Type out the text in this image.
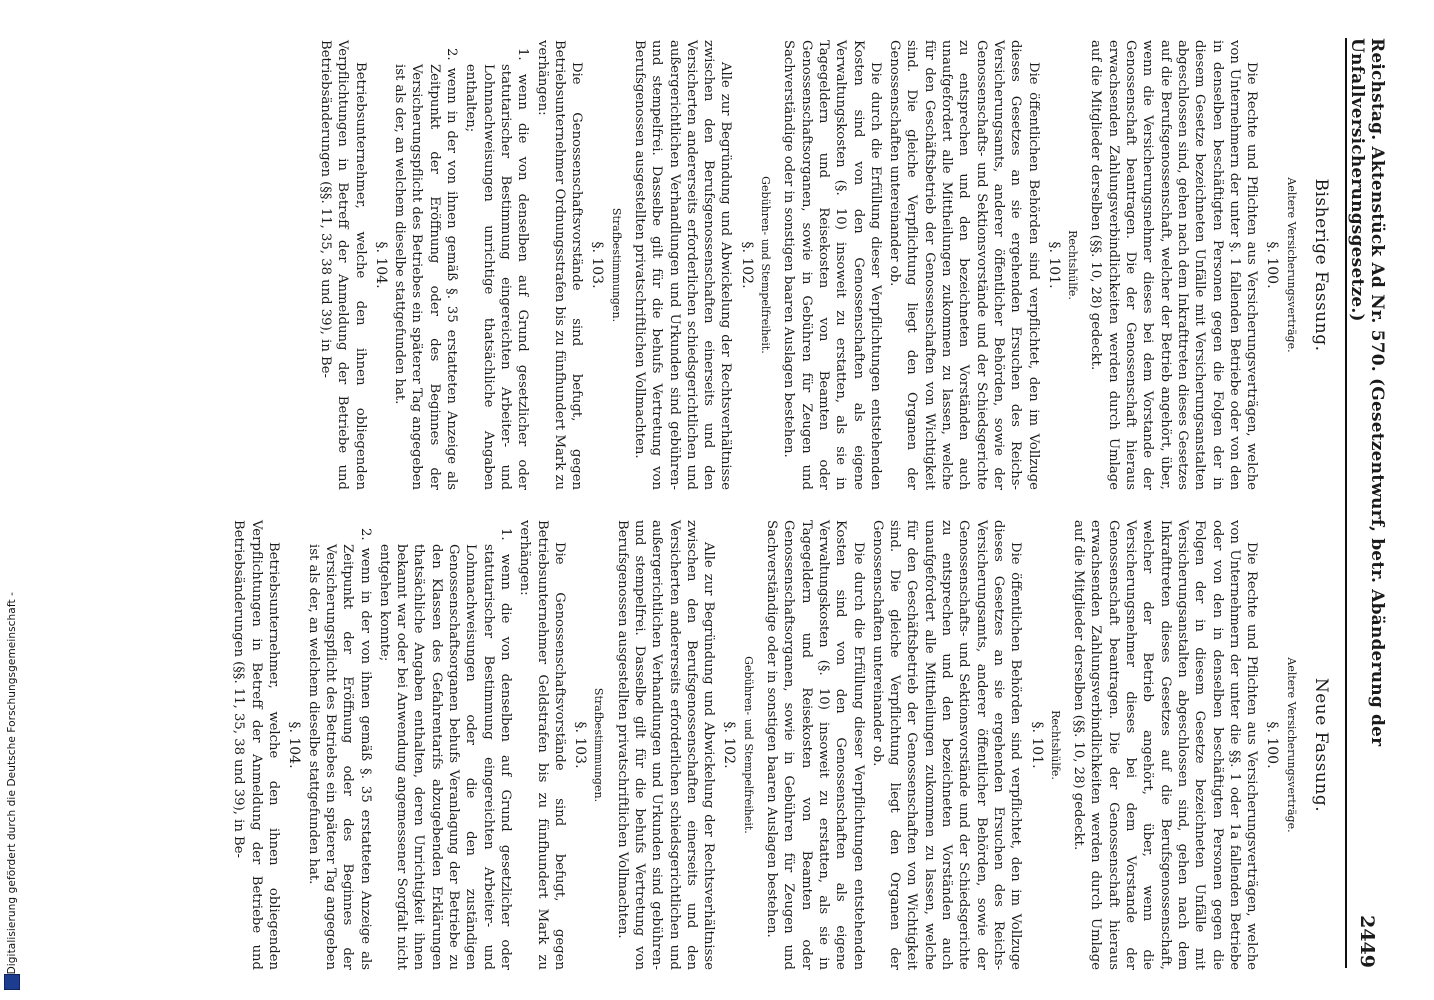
Digitalisierung gefördert durch die Deutsche Forschungsgemeinschaft -
Reichstag. Aktenstück Ad Nr. 570. (Gesetzentwurf, betr. Abänderung der Unfallversicherungsgesetze.)
2449
Bisherige Fassung.
Aeltere Versicherungsverträge.
§. 100.

Die Rechte und Pflichten aus Versicherungsverträgen, welche von Unternehmern der unter §. 1 fallenden Betriebe oder von den in denselben beschäftigten Personen gegen die Folgen der in diesem Gesetze bezeichneten Unfälle mit Versicherungsanstalten abgeschlossen sind, gehen nach dem Inkrafttreten dieses Gesetzes auf die Berufsgenossenschaft, welcher der Betrieb angehört, über, wenn die Versicherungsnehmer dieses bei dem Vorstande der Genossenschaft beantragen. Die der Genossenschaft hieraus erwachsenden Zahlungsverbindlichkeiten werden durch Umlage auf die Mitglieder derselben (§§. 10, 28) gedeckt.

Rechtshülfe.
§. 101.

Die öffentlichen Behörden sind verpflichtet, den im Vollzuge dieses Gesetzes an sie ergehenden Ersuchen des Reichs-Versicherungsamts, anderer öffentlicher Behörden, sowie der Genossenschafts- und Sektionsvorstände und der Schiedsgerichte zu entsprechen und den bezeichneten Vorständen auch unaufgefordert alle Mittheilungen zukommen zu lassen, welche für den Geschäftsbetrieb der Genossenschaften von Wichtigkeit sind. Die gleiche Verpflichtung liegt den Organen der Genossenschaften untereinander ob.

Die durch die Erfüllung dieser Verpflichtungen entstehenden Kosten sind von den Genossenschaften als eigene Verwaltungskosten (§. 10) insoweit zu erstatten, als sie in Tagegeldern und Reisekosten von Beamten oder Genossenschaftsorganen, sowie in Gebühren für Zeugen und Sachverständige oder in sonstigen baaren Auslagen bestehen.

Gebühren- und Stempelfreiheit.
§. 102.

Alle zur Begründung und Abwickelung der Rechtsverhältnisse zwischen den Berufsgenossenschaften einerseits und den Versicherten andererseits erforderlichen schiedsgerichtlichen und außergerichtlichen Verhandlungen und Urkunden sind gebühren- und stempelfrei. Dasselbe gilt für die behufs Vertretung von Berufsgenossen ausgestellten privatschriftlichen Vollmachten.

Strafbestimmungen.
§. 103.

Die Genossenschaftsvorstände sind befugt, gegen Betriebsunternehmer Ordnungsstrafen bis zu fünfhundert Mark zu verhängen:

1. wenn die von denselben auf Grund gesetzlicher oder statutarischer Bestimmung eingereichten Arbeiter- und Lohnnachweisungen unrichtige thatsächliche Angaben enthalten;
2. wenn in der von ihnen gemäß §. 35 erstatteten Anzeige als Zeitpunkt der Eröffnung oder des Beginnes der Versicherungspflicht des Betriebes ein späterer Tag angegeben ist als der, an welchem dieselbe stattgefunden hat.
§. 104.

Betriebsunternehmer, welche den ihnen obliegenden Verpflichtungen in Betreff der Anmeldung der Betriebe und Betriebsänderungen (§§. 11, 35, 38 und 39), in Be-

Neue Fassung.
Aeltere Versicherungsverträge.
§. 100.

Die Rechte und Pflichten aus Versicherungsverträgen, welche von Unternehmern der unter die §§. 1 oder 1a fallenden Betriebe oder von den in denselben beschäftigten Personen gegen die Folgen der in diesem Gesetze bezeichneten Unfälle mit Versicherungsanstalten abgeschlossen sind, gehen nach dem Inkrafttreten dieses Gesetzes auf die Berufsgenossenschaft, welcher der Betrieb angehört, über, wenn die Versicherungsnehmer dieses bei dem Vorstande der Genossenschaft beantragen. Die der Genossenschaft hieraus erwachsenden Zahlungsverbindlichkeiten werden durch Umlage auf die Mitglieder derselben (§§. 10, 28) gedeckt.

Rechtshülfe.
§. 101.

Die öffentlichen Behörden sind verpflichtet, den im Vollzuge dieses Gesetzes an sie ergehenden Ersuchen des Reichs-Versicherungsamts, anderer öffentlicher Behörden, sowie der Genossenschafts- und Sektionsvorstände und der Schiedsgerichte zu entsprechen und den bezeichneten Vorständen auch unaufgefordert alle Mittheilungen zukommen zu lassen, welche für den Geschäftsbetrieb der Genossenschaften von Wichtigkeit sind. Die gleiche Verpflichtung liegt den Organen der Genossenschaften untereinander ob.

Die durch die Erfüllung dieser Verpflichtungen entstehenden Kosten sind von den Genossenschaften als eigene Verwaltungskosten (§. 10) insoweit zu erstatten, als sie in Tagegeldern und Reisekosten von Beamten oder Genossenschaftsorganen, sowie in Gebühren für Zeugen und Sachverständige oder in sonstigen baaren Auslagen bestehen.

Gebühren- und Stempelfreiheit.
§. 102.

Alle zur Begründung und Abwickelung der Rechtsverhältnisse zwischen den Berufsgenossenschaften einerseits und den Versicherten andererseits erforderlichen schiedsgerichtlichen und außergerichtlichen Verhandlungen und Urkunden sind gebühren- und stempelfrei. Dasselbe gilt für die behufs Vertretung von Berufsgenossen ausgestellten privatschriftlichen Vollmachten.

Strafbestimmungen.
§. 103.

Die Genossenschaftsvorstände sind befugt, gegen Betriebsunternehmer Geldstrafen bis zu fünfhundert Mark zu verhängen:

1. wenn die von denselben auf Grund gesetzlicher oder statutarischer Bestimmung eingereichten Arbeiter- und Lohnnachweisungen oder die den zuständigen Genossenschaftsorganen behufs Veranlagung der Betriebe zu den Klassen des Gefahrentarifs abzugebenden Erklärungen thatsächliche Angaben enthalten, deren Unrichtigkeit ihnen bekannt war oder bei Anwendung angemessener Sorgfalt nicht entgehen konnte;
2. wenn in der von ihnen gemäß §. 35 erstatteten Anzeige als Zeitpunkt der Eröffnung oder des Beginnes der Versicherungspflicht des Betriebes ein späterer Tag angegeben ist als der, an welchem dieselbe stattgefunden hat.
§. 104.

Betriebsunternehmer, welche den ihnen obliegenden Verpflichtungen in Betreff der Anmeldung der Betriebe und Betriebsänderungen (§§. 11, 35, 38 und 39), in Be-
